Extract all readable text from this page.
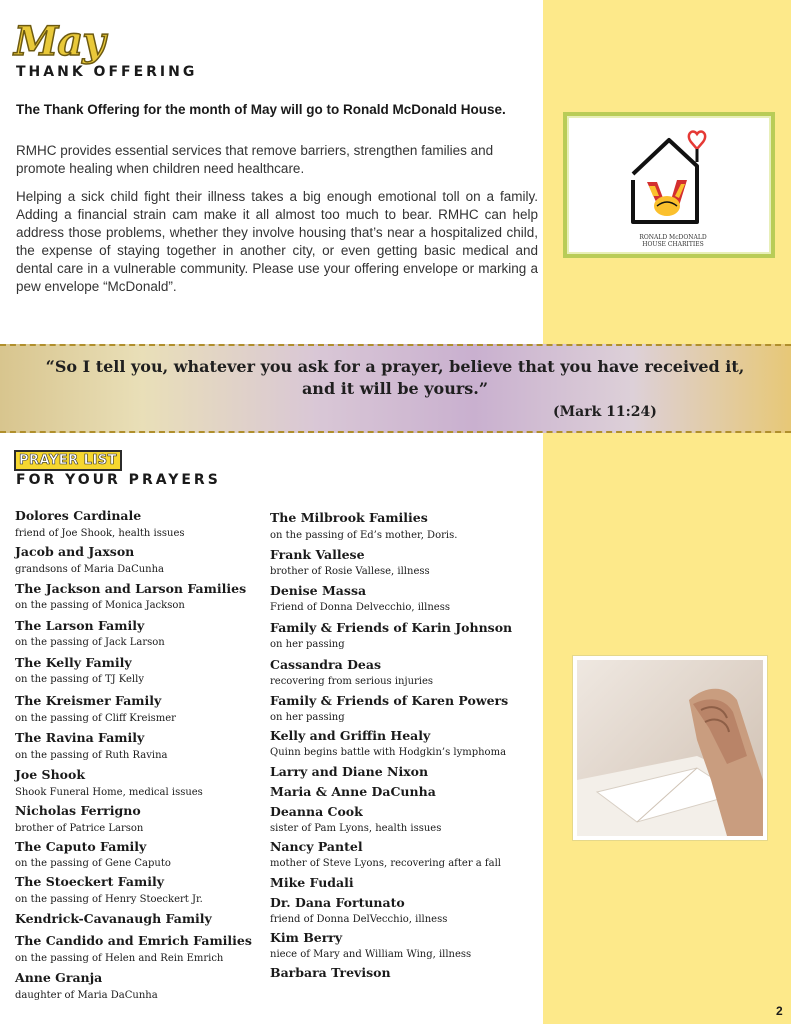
May
THANK OFFERING
The Thank Offering for the month of May will go to Ronald McDonald House.
RMHC provides essential services that remove barriers, strengthen families and promote healing when children need healthcare.
Helping a sick child fight their illness takes a big enough emotional toll on a family. Adding a financial strain cam make it all almost too much to bear. RMHC can help address those problems, whether they involve housing that’s near a hospitalized child, the expense of staying together in another city, or even getting basic medical and dental care in a vulnerable community. Please use your offering envelope or marking a pew envelope “McDonald”.
RONALD McDONALD HOUSE CHARITIES
“So I tell you, whatever you ask for a prayer, believe that you have received it, and it will be yours.”
(Mark 11:24)
PRAYER LIST
FOR YOUR PRAYERS
Dolores Cardinale
friend of Joe Shook, health issues
Jacob and Jaxson
grandsons of Maria DaCunha
The Jackson and Larson Families
on the passing of Monica Jackson
The Larson Family
on the passing of Jack Larson
The Kelly Family
on the passing of TJ Kelly
The Kreismer Family
on the passing of Cliff Kreismer
The Ravina Family
on the passing of Ruth Ravina
Joe Shook
Shook Funeral Home, medical issues
Nicholas Ferrigno
brother of Patrice Larson
The Caputo Family
on the passing of Gene Caputo
The Stoeckert Family
on the passing of Henry Stoeckert Jr.
Kendrick-Cavanaugh Family
The Candido and Emrich Families
on the passing of Helen and Rein Emrich
Anne Granja
daughter of Maria DaCunha
The Milbrook Families
on the passing of Ed’s mother, Doris.
Frank Vallese
brother of Rosie Vallese, illness
Denise Massa
Friend of Donna Delvecchio, illness
Family & Friends of Karin Johnson
on her passing
Cassandra Deas
recovering from serious injuries
Family & Friends of Karen Powers
on her passing
Kelly and Griffin Healy
Quinn begins battle with Hodgkin’s lymphoma
Larry and Diane Nixon
Maria & Anne DaCunha
Deanna Cook
sister of Pam Lyons, health issues
Nancy Pantel
mother of Steve Lyons, recovering after a fall
Mike Fudali
Dr. Dana Fortunato
friend of Donna DelVecchio, illness
Kim Berry
niece of Mary and William Wing, illness
Barbara Trevison
2
